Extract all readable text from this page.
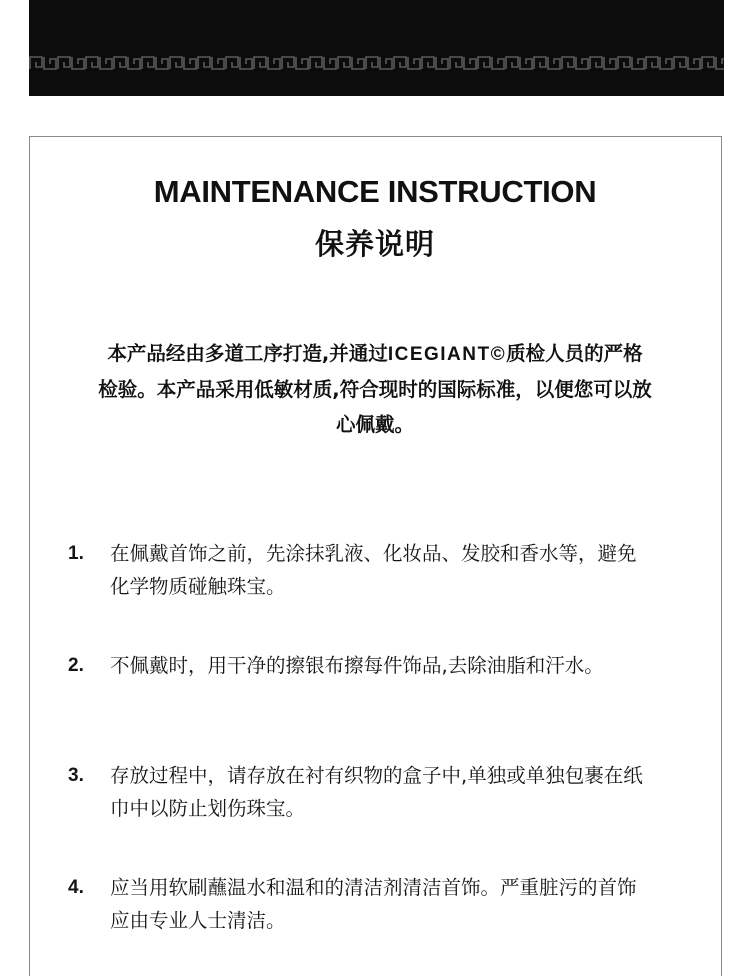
MAINTENANCE INSTRUCTION
保养说明
本产品经由多道工序打造,并通过ICEGIANT©质检人员的严格检验。本产品采用低敏材质,符合现时的国际标准，以便您可以放心佩戴。
1. 在佩戴首饰之前，先涂抹乳液、化妆品、发胶和香水等，避免化学物质碰触珠宝。
2. 不佩戴时，用干净的擦银布擦每件饰品,去除油脂和汗水。
3. 存放过程中，请存放在衬有织物的盒子中,单独或单独包裹在纸巾中以防止划伤珠宝。
4. 应当用软刷蘸温水和温和的清洁剂清洁首饰。严重脏污的首饰应由专业人士清洁。
